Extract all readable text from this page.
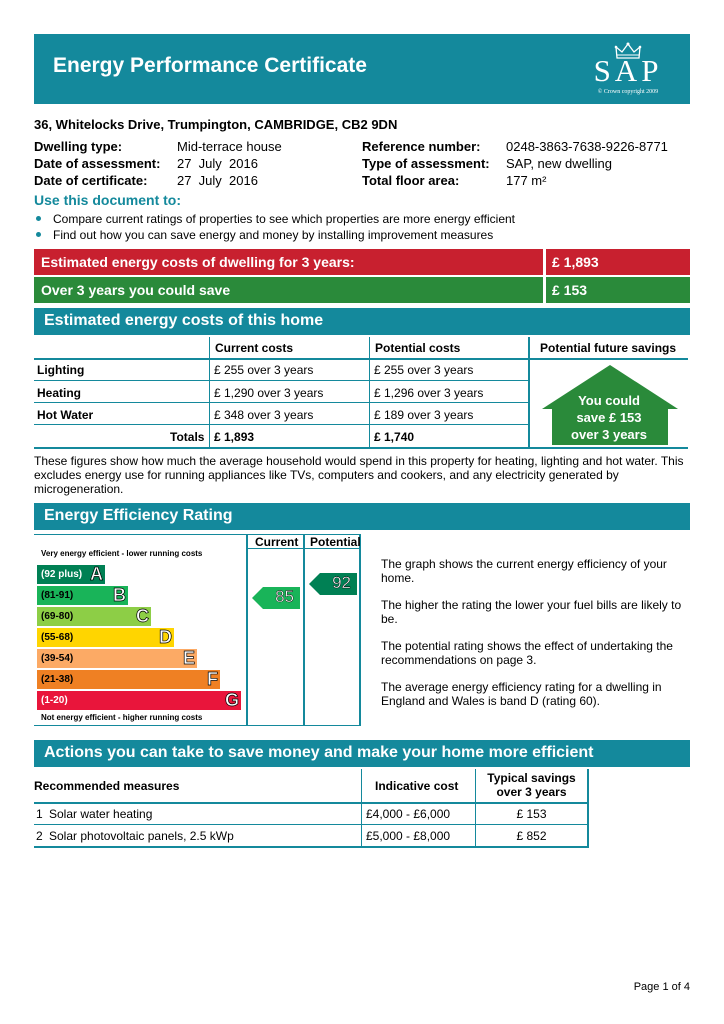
Energy Performance Certificate	SAP
© Crown copyright 2009
36, Whitelocks Drive, Trumpington, CAMBRIDGE, CB2 9DN
Dwelling type:	Mid-terrace house
Date of assessment: 27  July  2016
Date of certificate: 27  July  2016
Reference number: 0248-3863-7638-9226-8771
Type of assessment: SAP, new dwelling
Total floor area:	177 m²
Use this document to:
Compare current ratings of properties to see which properties are more energy efficient
Find out how you can save energy and money by installing improvement measures
Estimated energy costs of dwelling for 3 years:	£ 1,893
Over 3 years you could save	£ 153
Estimated energy costs of this home
Current costs	Potential costs	Potential future savings
Lighting	£ 255 over 3 years	£ 255 over 3 years
Heating	£ 1,290 over 3 years	£ 1,296 over 3 years
Hot Water	£ 348 over 3 years	£ 189 over 3 years
Totals £ 1,893	£ 1,740
You could
save £ 153
over 3 years
These figures show how much the average household would spend in this property for heating, lighting and hot water. This excludes energy use for running appliances like TVs, computers and cookers, and any electricity generated by microgeneration.
Energy Efficiency Rating
Current Potential
Very energy efficient - lower running costs
Not energy efficient - higher running costs
(92 plus) A
(81-91) B
(69-80)	C
(55-68)	D
(39-54)	E
(21-38)	F
(1-20)	G
85
92
The graph shows the current energy efficiency of your home.
The higher the rating the lower your fuel bills are likely to be.
The potential rating shows the effect of undertaking the recommendations on page 3.
The average energy efficiency rating for a dwelling in England and Wales is band D (rating 60).
Actions you can take to save money and make your home more efficient
Recommended measures	Indicative cost
Typical savings
over 3 years
1 Solar water heating	£4,000 - £6,000	£ 153
2 Solar photovoltaic panels, 2.5 kWp	£5,000 - £8,000	£ 852
Page 1 of 4
